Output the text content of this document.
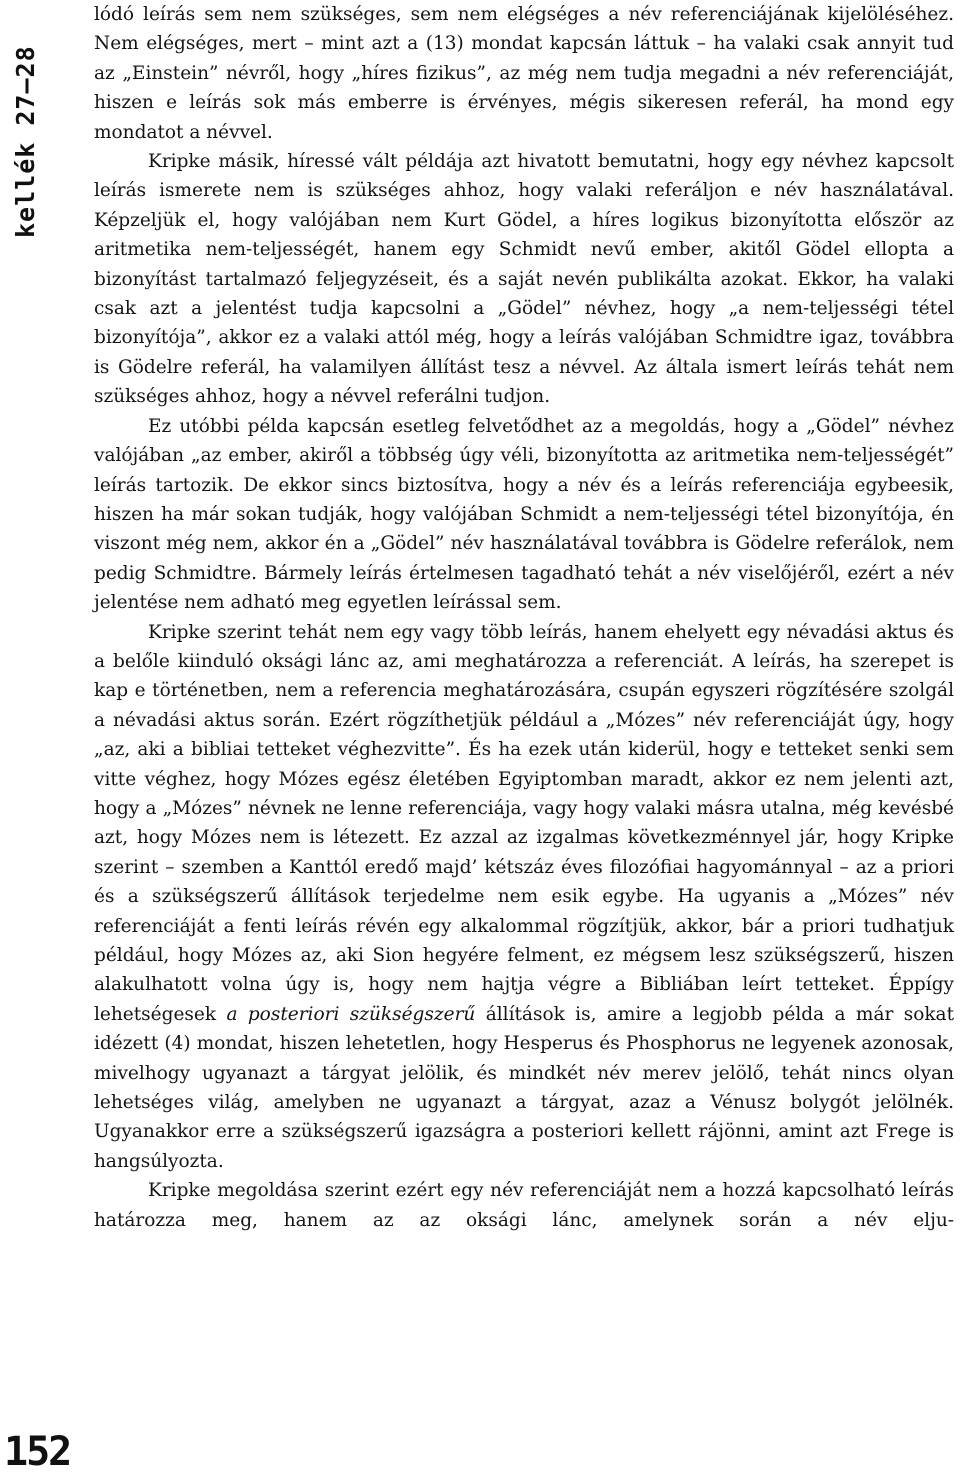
kellék 27–28

lódó leírás sem nem szükséges, sem nem elégséges a név referenciájának kijelöléséhez. Nem elégséges, mert – mint azt a (13) mondat kapcsán láttuk – ha valaki csak annyit tud az „Einstein” névről, hogy „híres fizikus”, az még nem tudja megadni a név referenciáját, hiszen e leírás sok más emberre is érvényes, mégis sikeresen referál, ha mond egy mondatot a névvel.

Kripke másik, híressé vált példája azt hivatott bemutatni, hogy egy névhez kapcsolt leírás ismerete nem is szükséges ahhoz, hogy valaki referáljon e név használatával. Képzeljük el, hogy valójában nem Kurt Gödel, a híres logikus bizonyította először az aritmetika nem-teljességét, hanem egy Schmidt nevű ember, akitől Gödel ellopta a bizonyítást tartalmazó feljegyzéseit, és a saját nevén publikálta azokat. Ekkor, ha valaki csak azt a jelentést tudja kapcsolni a „Gödel” névhez, hogy „a nem-teljességi tétel bizonyítója”, akkor ez a valaki attól még, hogy a leírás valójában Schmidtre igaz, továbbra is Gödelre referál, ha valamilyen állítást tesz a névvel. Az általa ismert leírás tehát nem szükséges ahhoz, hogy a névvel referálni tudjon.

Ez utóbbi példa kapcsán esetleg felvetődhet az a megoldás, hogy a „Gödel” névhez valójában „az ember, akiről a többség úgy véli, bizonyította az aritmetika nem-teljességét” leírás tartozik. De ekkor sincs biztosítva, hogy a név és a leírás referenciája egybeesik, hiszen ha már sokan tudják, hogy valójában Schmidt a nem-teljességi tétel bizonyítója, én viszont még nem, akkor én a „Gödel” név használatával továbbra is Gödelre referálok, nem pedig Schmidtre. Bármely leírás értelmesen tagadható tehát a név viselőjéről, ezért a név jelentése nem adható meg egyetlen leírással sem.

Kripke szerint tehát nem egy vagy több leírás, hanem ehelyett egy névadási aktus és a belőle kiinduló oksági lánc az, ami meghatározza a referenciát. A leírás, ha szerepet is kap e történetben, nem a referencia meghatározására, csupán egyszeri rögzítésére szolgál a névadási aktus során. Ezért rögzíthetjük például a „Mózes” név referenciáját úgy, hogy „az, aki a bibliai tetteket véghezvitte”. És ha ezek után kiderül, hogy e tetteket senki sem vitte véghez, hogy Mózes egész életében Egyiptomban maradt, akkor ez nem jelenti azt, hogy a „Mózes” névnek ne lenne referenciája, vagy hogy valaki másra utalna, még kevésbé azt, hogy Mózes nem is létezett. Ez azzal az izgalmas következménnyel jár, hogy Kripke szerint – szemben a Kanttól eredő majd’ kétszáz éves filozófiai hagyománnyal – az a priori és a szükségszerű állítások terjedelme nem esik egybe. Ha ugyanis a „Mózes” név referenciáját a fenti leírás révén egy alkalommal rögzítjük, akkor, bár a priori tudhatjuk például, hogy Mózes az, aki Sion hegyére felment, ez mégsem lesz szükségszerű, hiszen alakulhatott volna úgy is, hogy nem hajtja végre a Bibliában leírt tetteket. Éppígy lehetségesek a posteriori szükségszerű állítások is, amire a legjobb példa a már sokat idézett (4) mondat, hiszen lehetetlen, hogy Hesperus és Phosphorus ne legyenek azonosak, mivelhogy ugyanazt a tárgyat jelölik, és mindkét név merev jelölő, tehát nincs olyan lehetséges világ, amelyben ne ugyanazt a tárgyat, azaz a Vénusz bolygót jelölnék. Ugyanakkor erre a szükségszerű igazságra a posteriori kellett rájönni, amint azt Frege is hangsúlyozta.

Kripke megoldása szerint ezért egy név referenciáját nem a hozzá kapcsolható leírás határozza meg, hanem az az oksági lánc, amelynek során a név elju-

152
